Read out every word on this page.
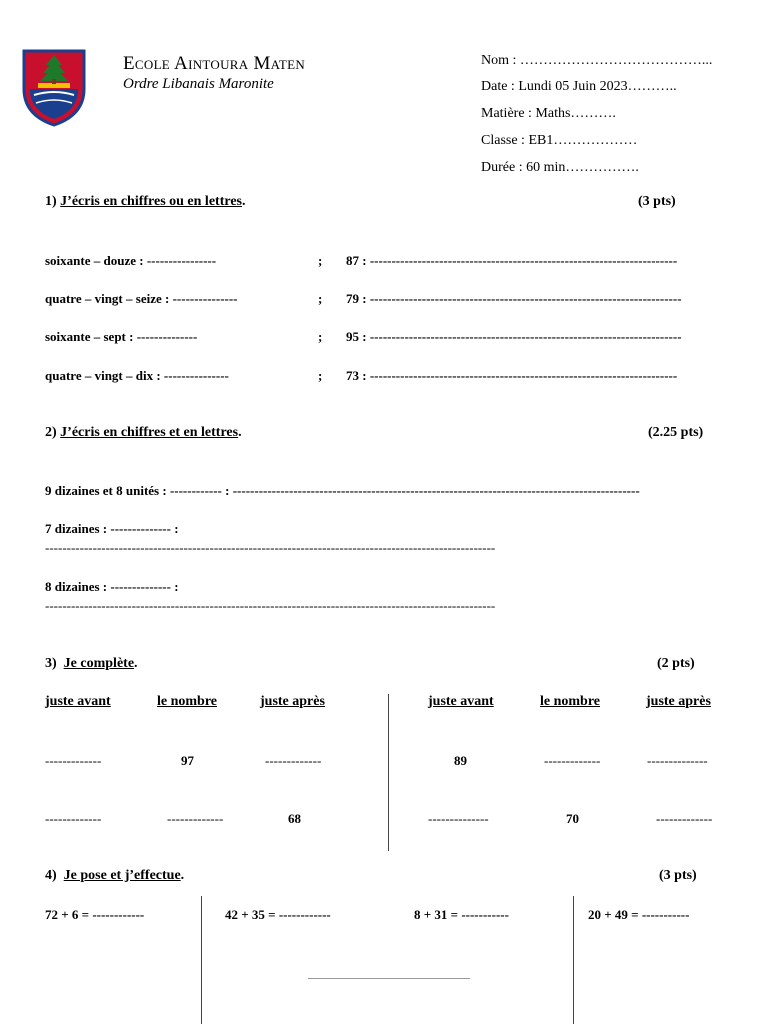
Ecole Aintoura Maten
Ordre Libanais Maronite
Nom : …………………………………...
Date : Lundi 05 Juin 2023………..
Matière : Maths……….
Classe : EB1………………
Durée : 60 min…………….
1) J’écris en chiffres ou en lettres.	(3 pts)
soixante – douze : ----------------	; 87 : -----------------------------------------------------------------------
quatre – vingt – seize : ---------------	; 79 : ------------------------------------------------------------------------
soixante – sept : --------------	; 95 : ------------------------------------------------------------------------
quatre – vingt – dix : ---------------	; 73 : -----------------------------------------------------------------------
2) J’écris en chiffres et en lettres.	(2.25 pts)
9 dizaines et 8 unités : ------------ : ----------------------------------------------------------------------------------------------
7 dizaines : -------------- :
--------------------------------------------------------------------------------------------------------
8 dizaines : -------------- :
--------------------------------------------------------------------------------------------------------
3) Je complète.	(2 pts)
juste avant	le nombre	juste après	juste avant	le nombre	juste après
-------------	97	-------------	89	-------------	--------------
-------------	-------------	68	--------------	70	-------------
4) Je pose et j’effectue.	(3 pts)
72 + 6 = ------------	42 + 35 = ------------	8 + 31 = -----------	20 + 49 = -----------
